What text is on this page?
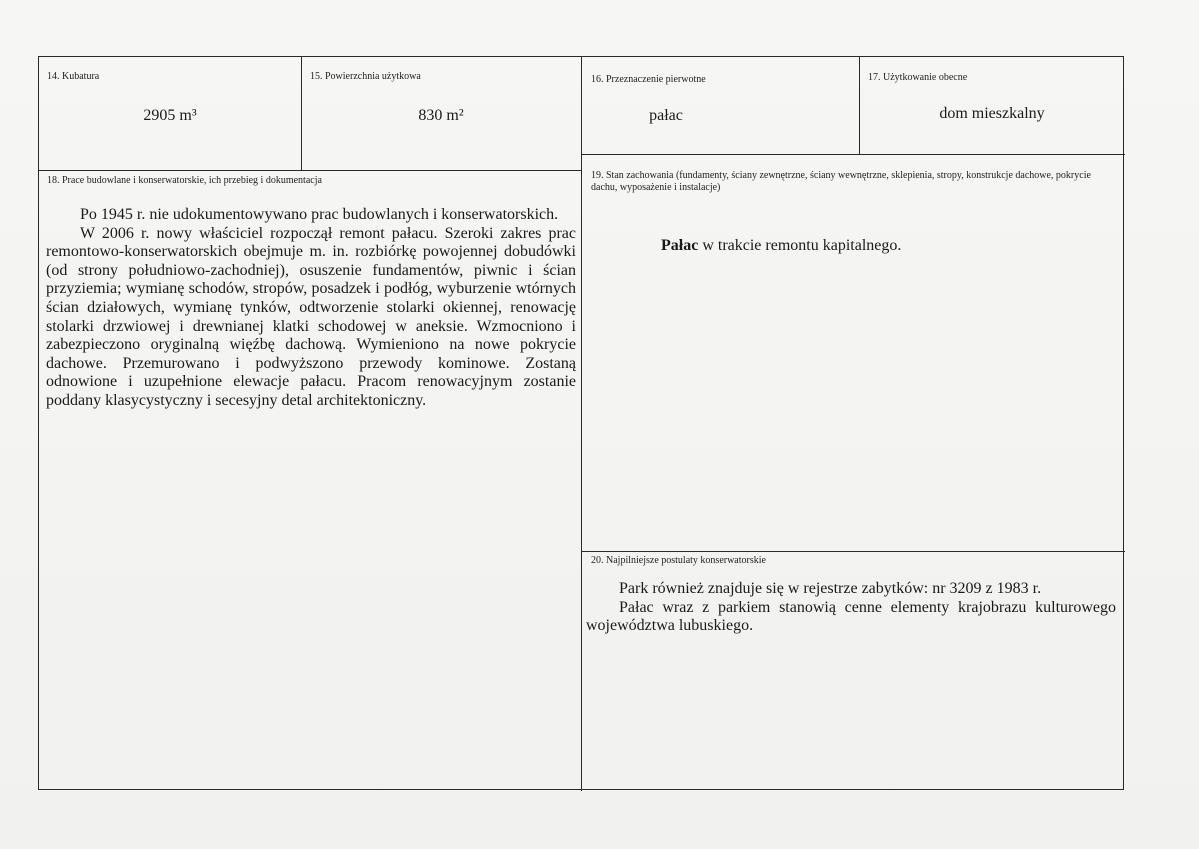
14. Kubatura
2905 m³
15. Powierzchnia użytkowa
830 m²
16. Przeznaczenie pierwotne
pałac
17. Użytkowanie obecne
dom mieszkalny
18. Prace budowlane i konserwatorskie, ich przebieg i dokumentacja

Po 1945 r. nie udokumentowywano prac budowlanych i konserwatorskich.

W 2006 r. nowy właściciel rozpoczął remont pałacu. Szeroki zakres prac remontowo-konserwatorskich obejmuje m. in. rozbiórkę powojennej dobudówki (od strony południowo-zachodniej), osuszenie fundamentów, piwnic i ścian przyziemia; wymianę schodów, stropów, posadzek i podłóg, wyburzenie wtórnych ścian działowych, wymianę tynków, odtworzenie stolarki okiennej, renowację stolarki drzwiowej i drewnianej klatki schodowej w aneksie. Wzmocniono i zabezpieczono oryginalną więźbę dachową. Wymieniono na nowe pokrycie dachowe. Przemurowano i podwyższono przewody kominowe. Zostaną odnowione i uzupełnione elewacje pałacu. Pracom renowacyjnym zostanie poddany klasycystyczny i secesyjny detal architektoniczny.

19. Stan zachowania (fundamenty, ściany zewnętrzne, ściany wewnętrzne, sklepienia, stropy, konstrukcje dachowe, pokrycie dachu, wyposażenie i instalacje)
Pałac w trakcie remontu kapitalnego.
20. Najpilniejsze postulaty konserwatorskie

Park również znajduje się w rejestrze zabytków: nr 3209 z 1983 r.

Pałac wraz z parkiem stanowią cenne elementy krajobrazu kulturowego województwa lubuskiego.
